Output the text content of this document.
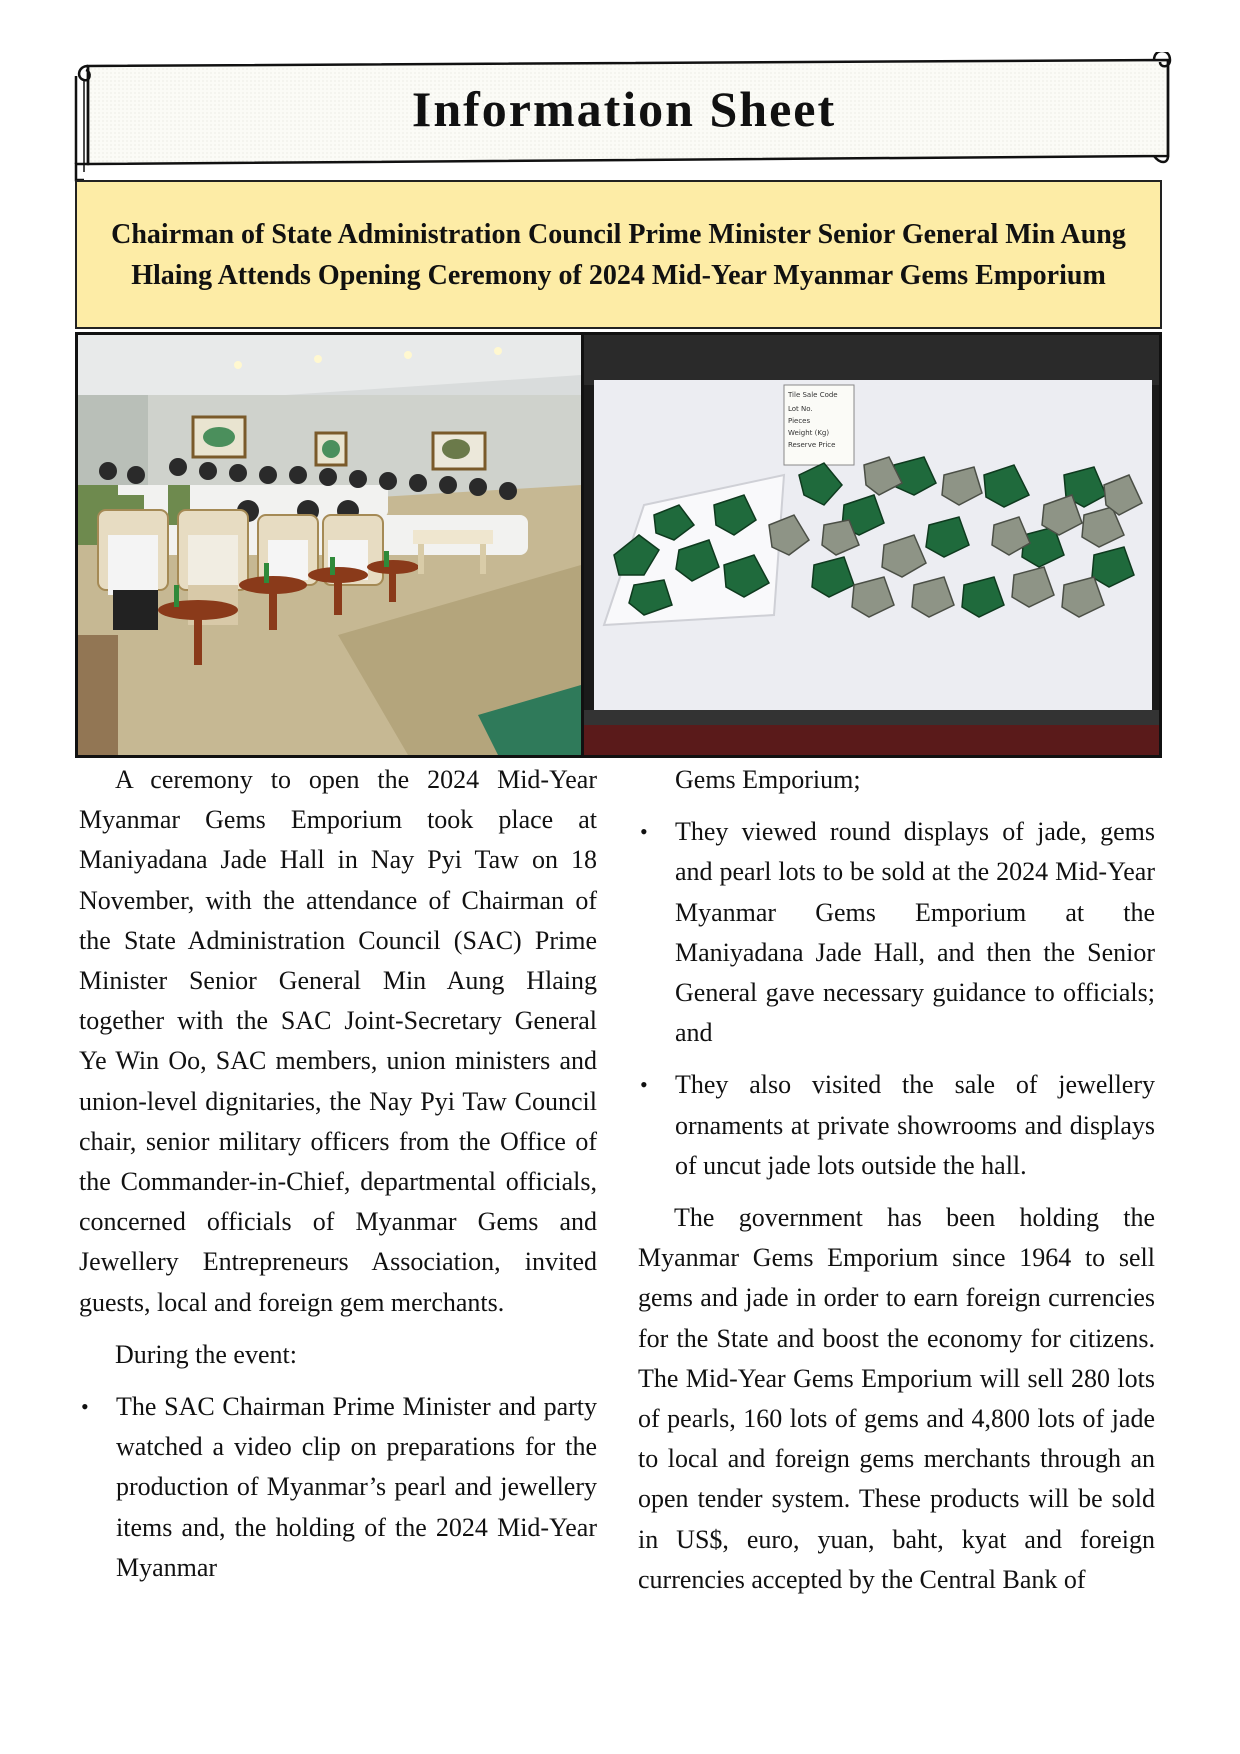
Information Sheet
Chairman of State Administration Council Prime Minister Senior General Min Aung Hlaing Attends Opening Ceremony of 2024 Mid-Year Myanmar Gems Emporium
Tile Sale Code
Lot No.
Pieces
Weight (Kg)
Reserve Price

A ceremony to open the 2024 Mid-Year Myanmar Gems Emporium took place at Maniyadana Jade Hall in Nay Pyi Taw on 18 November, with the attendance of Chairman of the State Administration Council (SAC) Prime Minister Senior General Min Aung Hlaing together with the SAC Joint-Secretary General Ye Win Oo, SAC members, union ministers and union-level dignitaries, the Nay Pyi Taw Council chair, senior military officers from the Office of the Commander-in-Chief, departmental officials, concerned officials of Myanmar Gems and Jewellery Entrepreneurs Association, invited guests, local and foreign gem merchants.

During the event:

• The SAC Chairman Prime Minister and party watched a video clip on preparations for the production of Myanmar’s pearl and jewellery items and, the holding of the 2024 Mid-Year Myanmar

Gems Emporium;

• They viewed round displays of jade, gems and pearl lots to be sold at the 2024 Mid-Year Myanmar Gems Emporium at the Maniyadana Jade Hall, and then the Senior General gave necessary guidance to officials; and
• They also visited the sale of jewellery ornaments at private showrooms and displays of uncut jade lots outside the hall.

The government has been holding the Myanmar Gems Emporium since 1964 to sell gems and jade in order to earn foreign currencies for the State and boost the economy for citizens. The Mid-Year Gems Emporium will sell 280 lots of pearls, 160 lots of gems and 4,800 lots of jade to local and foreign gems merchants through an open tender system. These products will be sold in US$, euro, yuan, baht, kyat and foreign currencies accepted by the Central Bank of
